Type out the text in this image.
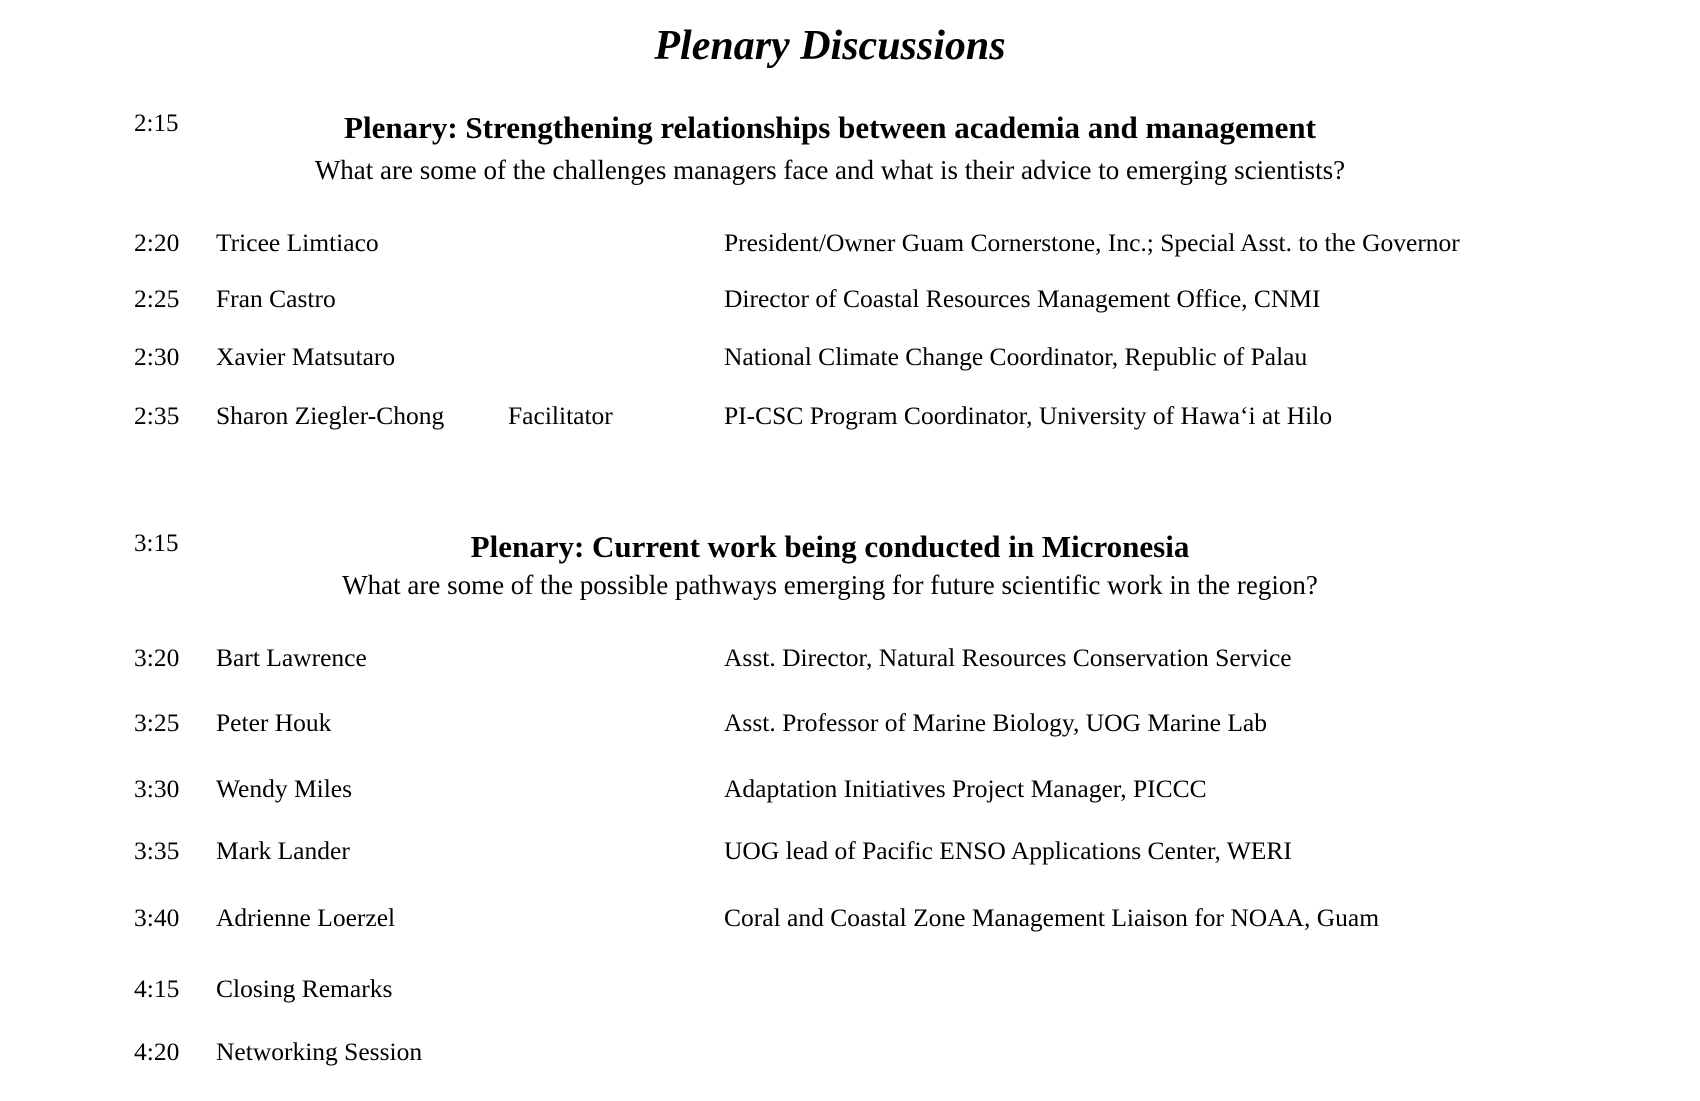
Plenary Discussions
2:15	Plenary: Strengthening relationships between academia and management
What are some of the challenges managers face and what is their advice to emerging scientists?
2:20 Tricee Limtiaco	President/Owner Guam Cornerstone, Inc.; Special Asst. to the Governor
2:25 Fran Castro	Director of Coastal Resources Management Office, CNMI
2:30 Xavier Matsutaro	National Climate Change Coordinator, Republic of Palau
2:35 Sharon Ziegler-Chong	Facilitator	PI-CSC Program Coordinator, University of Hawaʻi at Hilo
3:15	Plenary: Current work being conducted in Micronesia
What are some of the possible pathways emerging for future scientific work in the region?
3:20 Bart Lawrence	Asst. Director, Natural Resources Conservation Service
3:25 Peter Houk	Asst. Professor of Marine Biology, UOG Marine Lab
3:30 Wendy Miles	Adaptation Initiatives Project Manager, PICCC
3:35 Mark Lander	UOG lead of Pacific ENSO Applications Center, WERI
3:40 Adrienne Loerzel	Coral and Coastal Zone Management Liaison for NOAA, Guam
4:15 Closing Remarks
4:20 Networking Session
